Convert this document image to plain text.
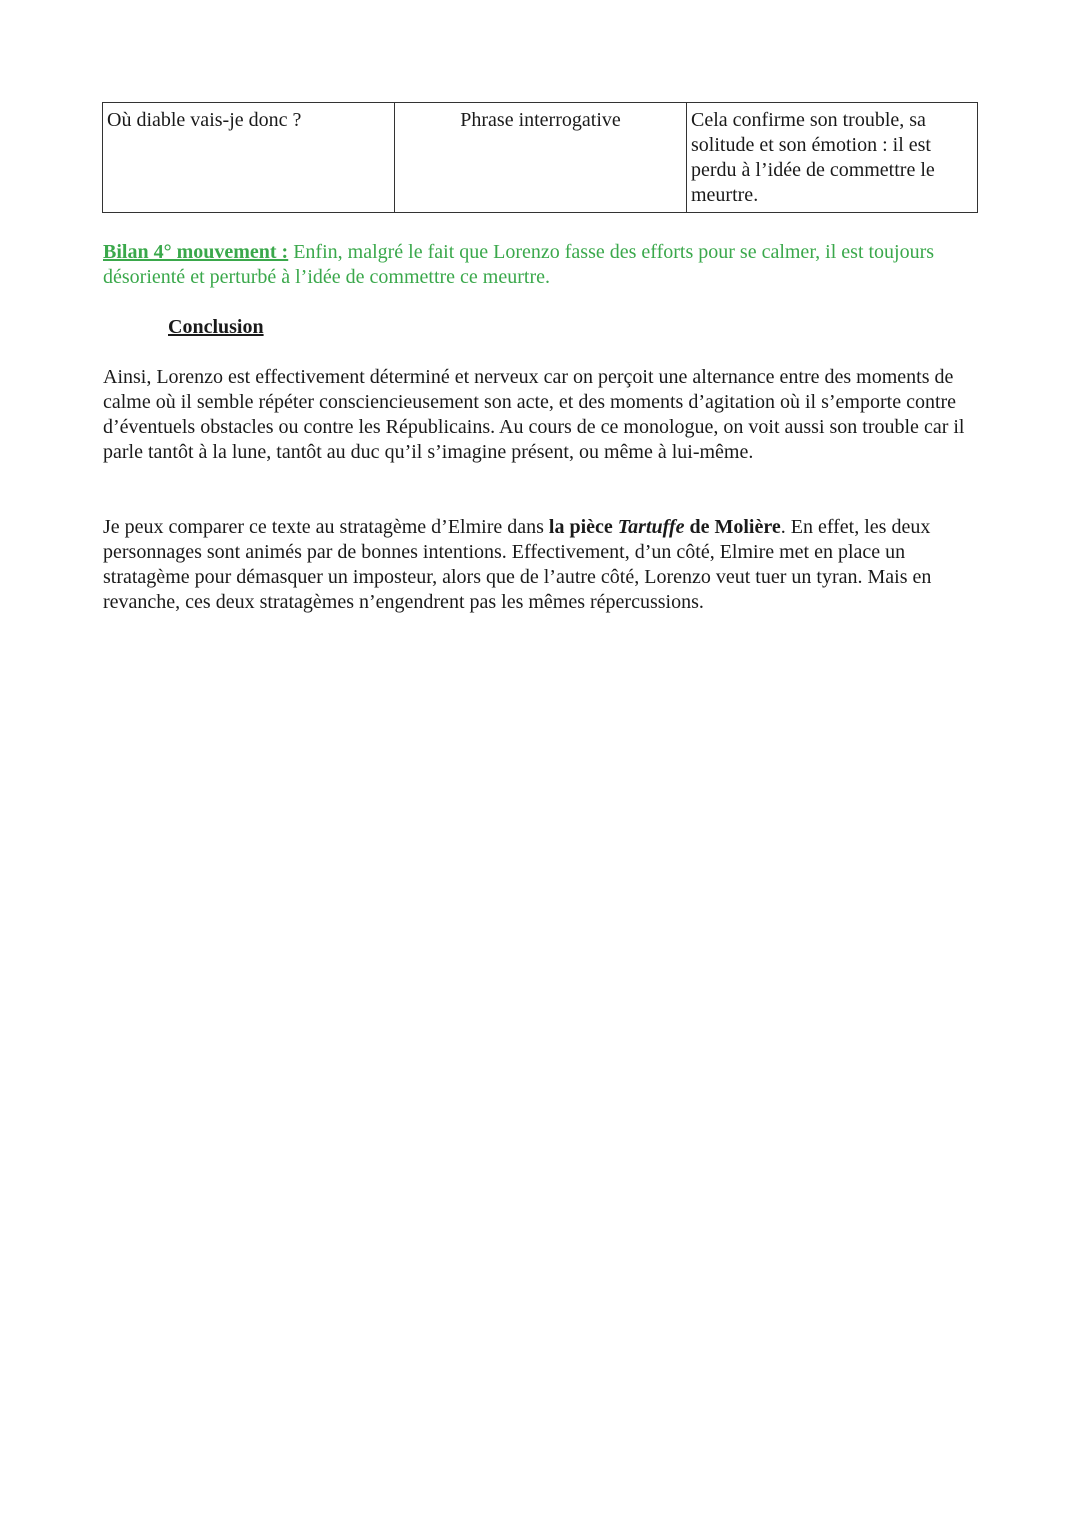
Où diable vais-je donc ?	Phrase interrogative	Cela confirme son trouble, sa solitude et son émotion : il est perdu à l’idée de commettre le meurtre.
Bilan 4° mouvement : Enfin, malgré le fait que Lorenzo fasse des efforts pour se calmer, il est toujours désorienté et perturbé à l’idée de commettre ce meurtre.
Conclusion
Ainsi, Lorenzo est effectivement déterminé et nerveux car on perçoit une alternance entre des moments de calme où il semble répéter consciencieusement son acte, et des moments d’agitation où il s’emporte contre d’éventuels obstacles ou contre les Républicains. Au cours de ce monologue, on voit aussi son trouble car il parle tantôt à la lune, tantôt au duc qu’il s’imagine présent, ou même à lui-même.
Je peux comparer ce texte au stratagème d’Elmire dans la pièce Tartuffe de Molière. En effet, les deux personnages sont animés par de bonnes intentions. Effectivement, d’un côté, Elmire met en place un stratagème pour démasquer un imposteur, alors que de l’autre côté, Lorenzo veut tuer un tyran. Mais en revanche, ces deux stratagèmes n’engendrent pas les mêmes répercussions.
